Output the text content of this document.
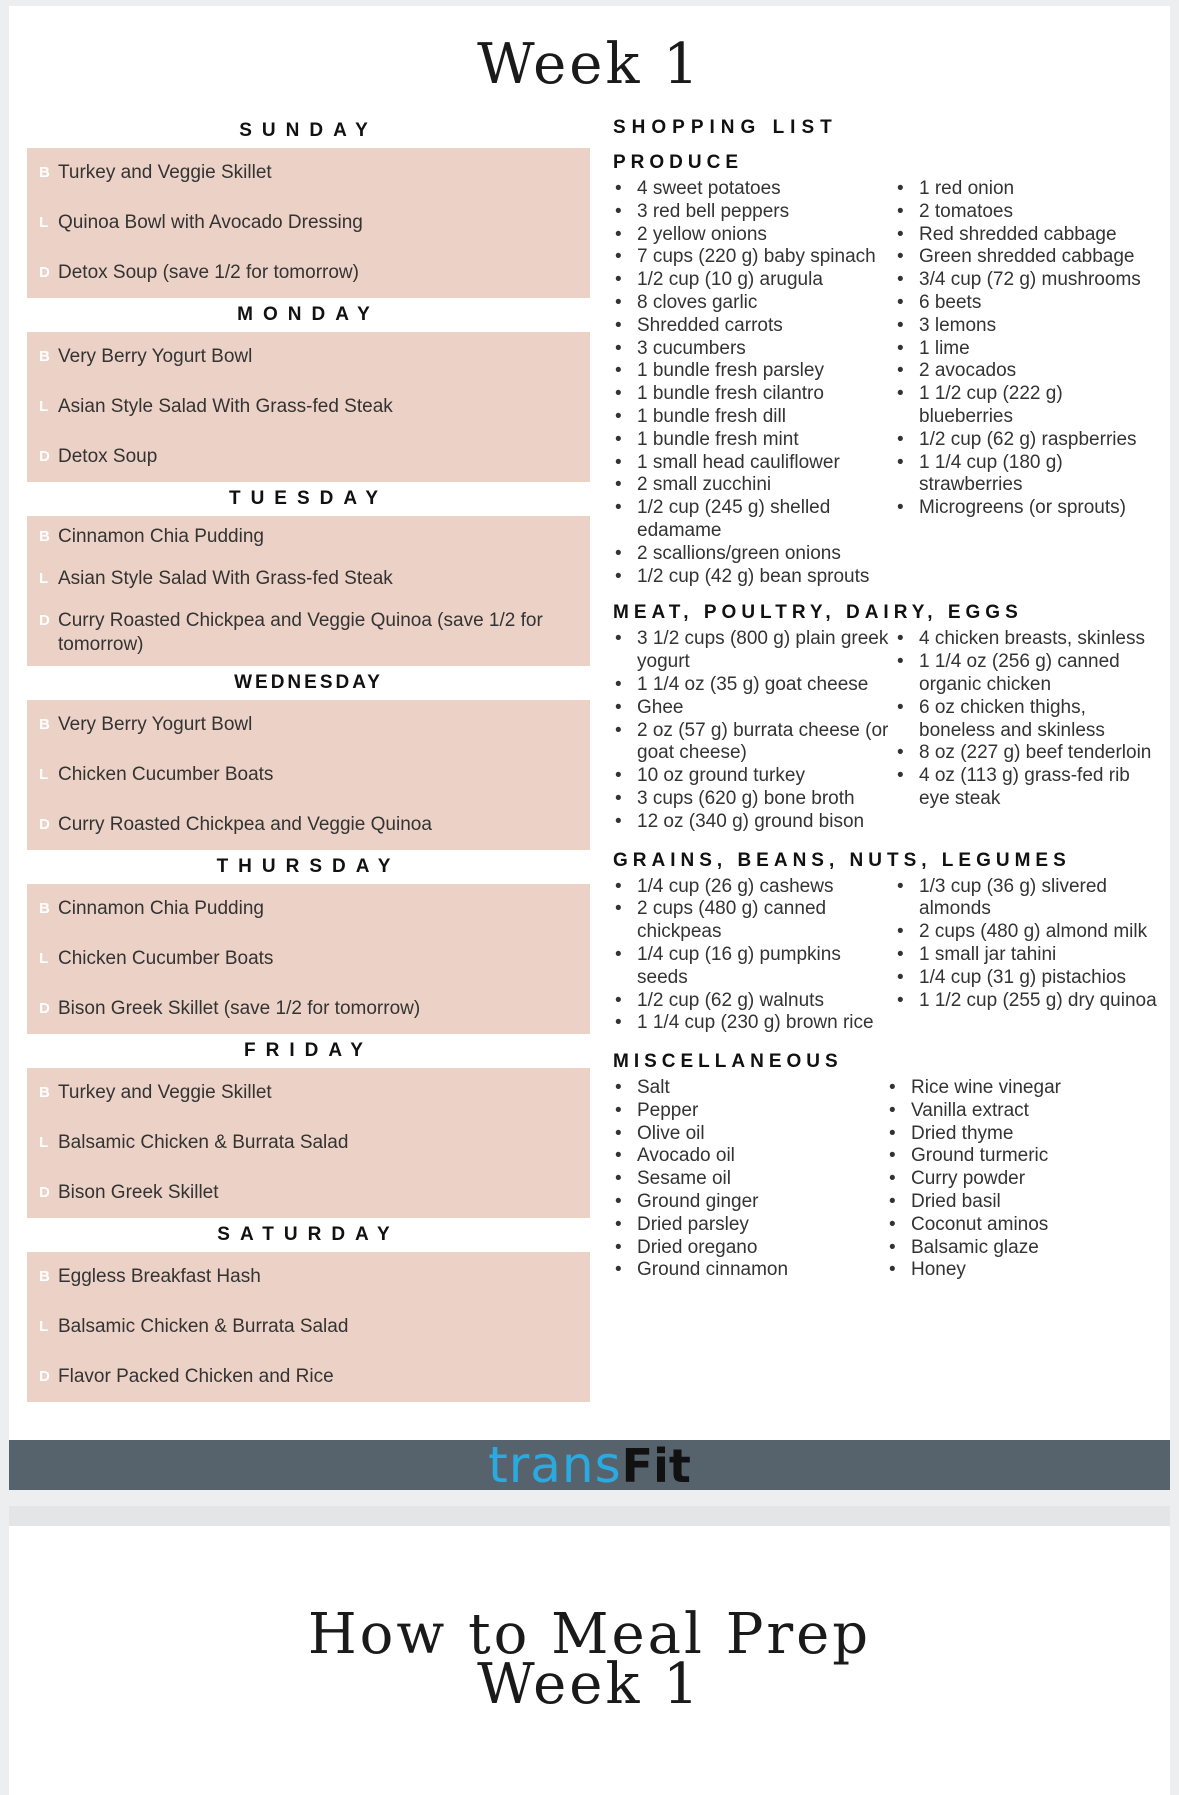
Week 1
SUNDAY
B Turkey and Veggie Skillet
L Quinoa Bowl with Avocado Dressing
D Detox Soup (save 1/2 for tomorrow)
MONDAY
B Very Berry Yogurt Bowl
L Asian Style Salad With Grass-fed Steak
D Detox Soup
TUESDAY
B Cinnamon Chia Pudding
L Asian Style Salad With Grass-fed Steak
D Curry Roasted Chickpea and Veggie Quinoa (save 1/2 for tomorrow)
WEDNESDAY
B Very Berry Yogurt Bowl
L Chicken Cucumber Boats
D Curry Roasted Chickpea and Veggie Quinoa
THURSDAY
B Cinnamon Chia Pudding
L Chicken Cucumber Boats
D Bison Greek Skillet (save 1/2 for tomorrow)
FRIDAY
B Turkey and Veggie Skillet
L Balsamic Chicken & Burrata Salad
D Bison Greek Skillet
SATURDAY
B Eggless Breakfast Hash
L Balsamic Chicken & Burrata Salad
D Flavor Packed Chicken and Rice
SHOPPING LIST
PRODUCE
• 4 sweet potatoes
• 3 red bell peppers
• 2 yellow onions
• 7 cups (220 g) baby spinach
• 1/2 cup (10 g) arugula
• 8 cloves garlic
• Shredded carrots
• 3 cucumbers
• 1 bundle fresh parsley
• 1 bundle fresh cilantro
• 1 bundle fresh dill
• 1 bundle fresh mint
• 1 small head cauliflower
• 2 small zucchini
• 1/2 cup (245 g) shelled edamame
• 2 scallions/green onions
• 1/2 cup (42 g) bean sprouts
• 1 red onion
• 2 tomatoes
• Red shredded cabbage
• Green shredded cabbage
• 3/4 cup (72 g) mushrooms
• 6 beets
• 3 lemons
• 1 lime
• 2 avocados
• 1 1/2 cup (222 g) blueberries
• 1/2 cup (62 g) raspberries
• 1 1/4 cup (180 g) strawberries
• Microgreens (or sprouts)
MEAT, POULTRY, DAIRY, EGGS
• 3 1/2 cups (800 g) plain greek yogurt
• 1 1/4 oz (35 g) goat cheese
• Ghee
• 2 oz (57 g) burrata cheese (or goat cheese)
• 10 oz ground turkey
• 3 cups (620 g) bone broth
• 12 oz (340 g) ground bison
• 4 chicken breasts, skinless
• 1 1/4 oz (256 g) canned organic chicken
• 6 oz chicken thighs, boneless and skinless
• 8 oz (227 g) beef tenderloin
• 4 oz (113 g) grass-fed rib eye steak
GRAINS, BEANS, NUTS, LEGUMES
• 1/4 cup (26 g) cashews
• 2 cups (480 g) canned chickpeas
• 1/4 cup (16 g) pumpkins seeds
• 1/2 cup (62 g) walnuts
• 1 1/4 cup (230 g) brown rice
• 1/3 cup (36 g) slivered almonds
• 2 cups (480 g) almond milk
• 1 small jar tahini
• 1/4 cup (31 g) pistachios
• 1 1/2 cup (255 g) dry quinoa
MISCELLANEOUS
• Salt
• Pepper
• Olive oil
• Avocado oil
• Sesame oil
• Ground ginger
• Dried parsley
• Dried oregano
• Ground cinnamon
• Rice wine vinegar
• Vanilla extract
• Dried thyme
• Ground turmeric
• Curry powder
• Dried basil
• Coconut aminos
• Balsamic glaze
• Honey
transFit
How to Meal Prep
Week 1
